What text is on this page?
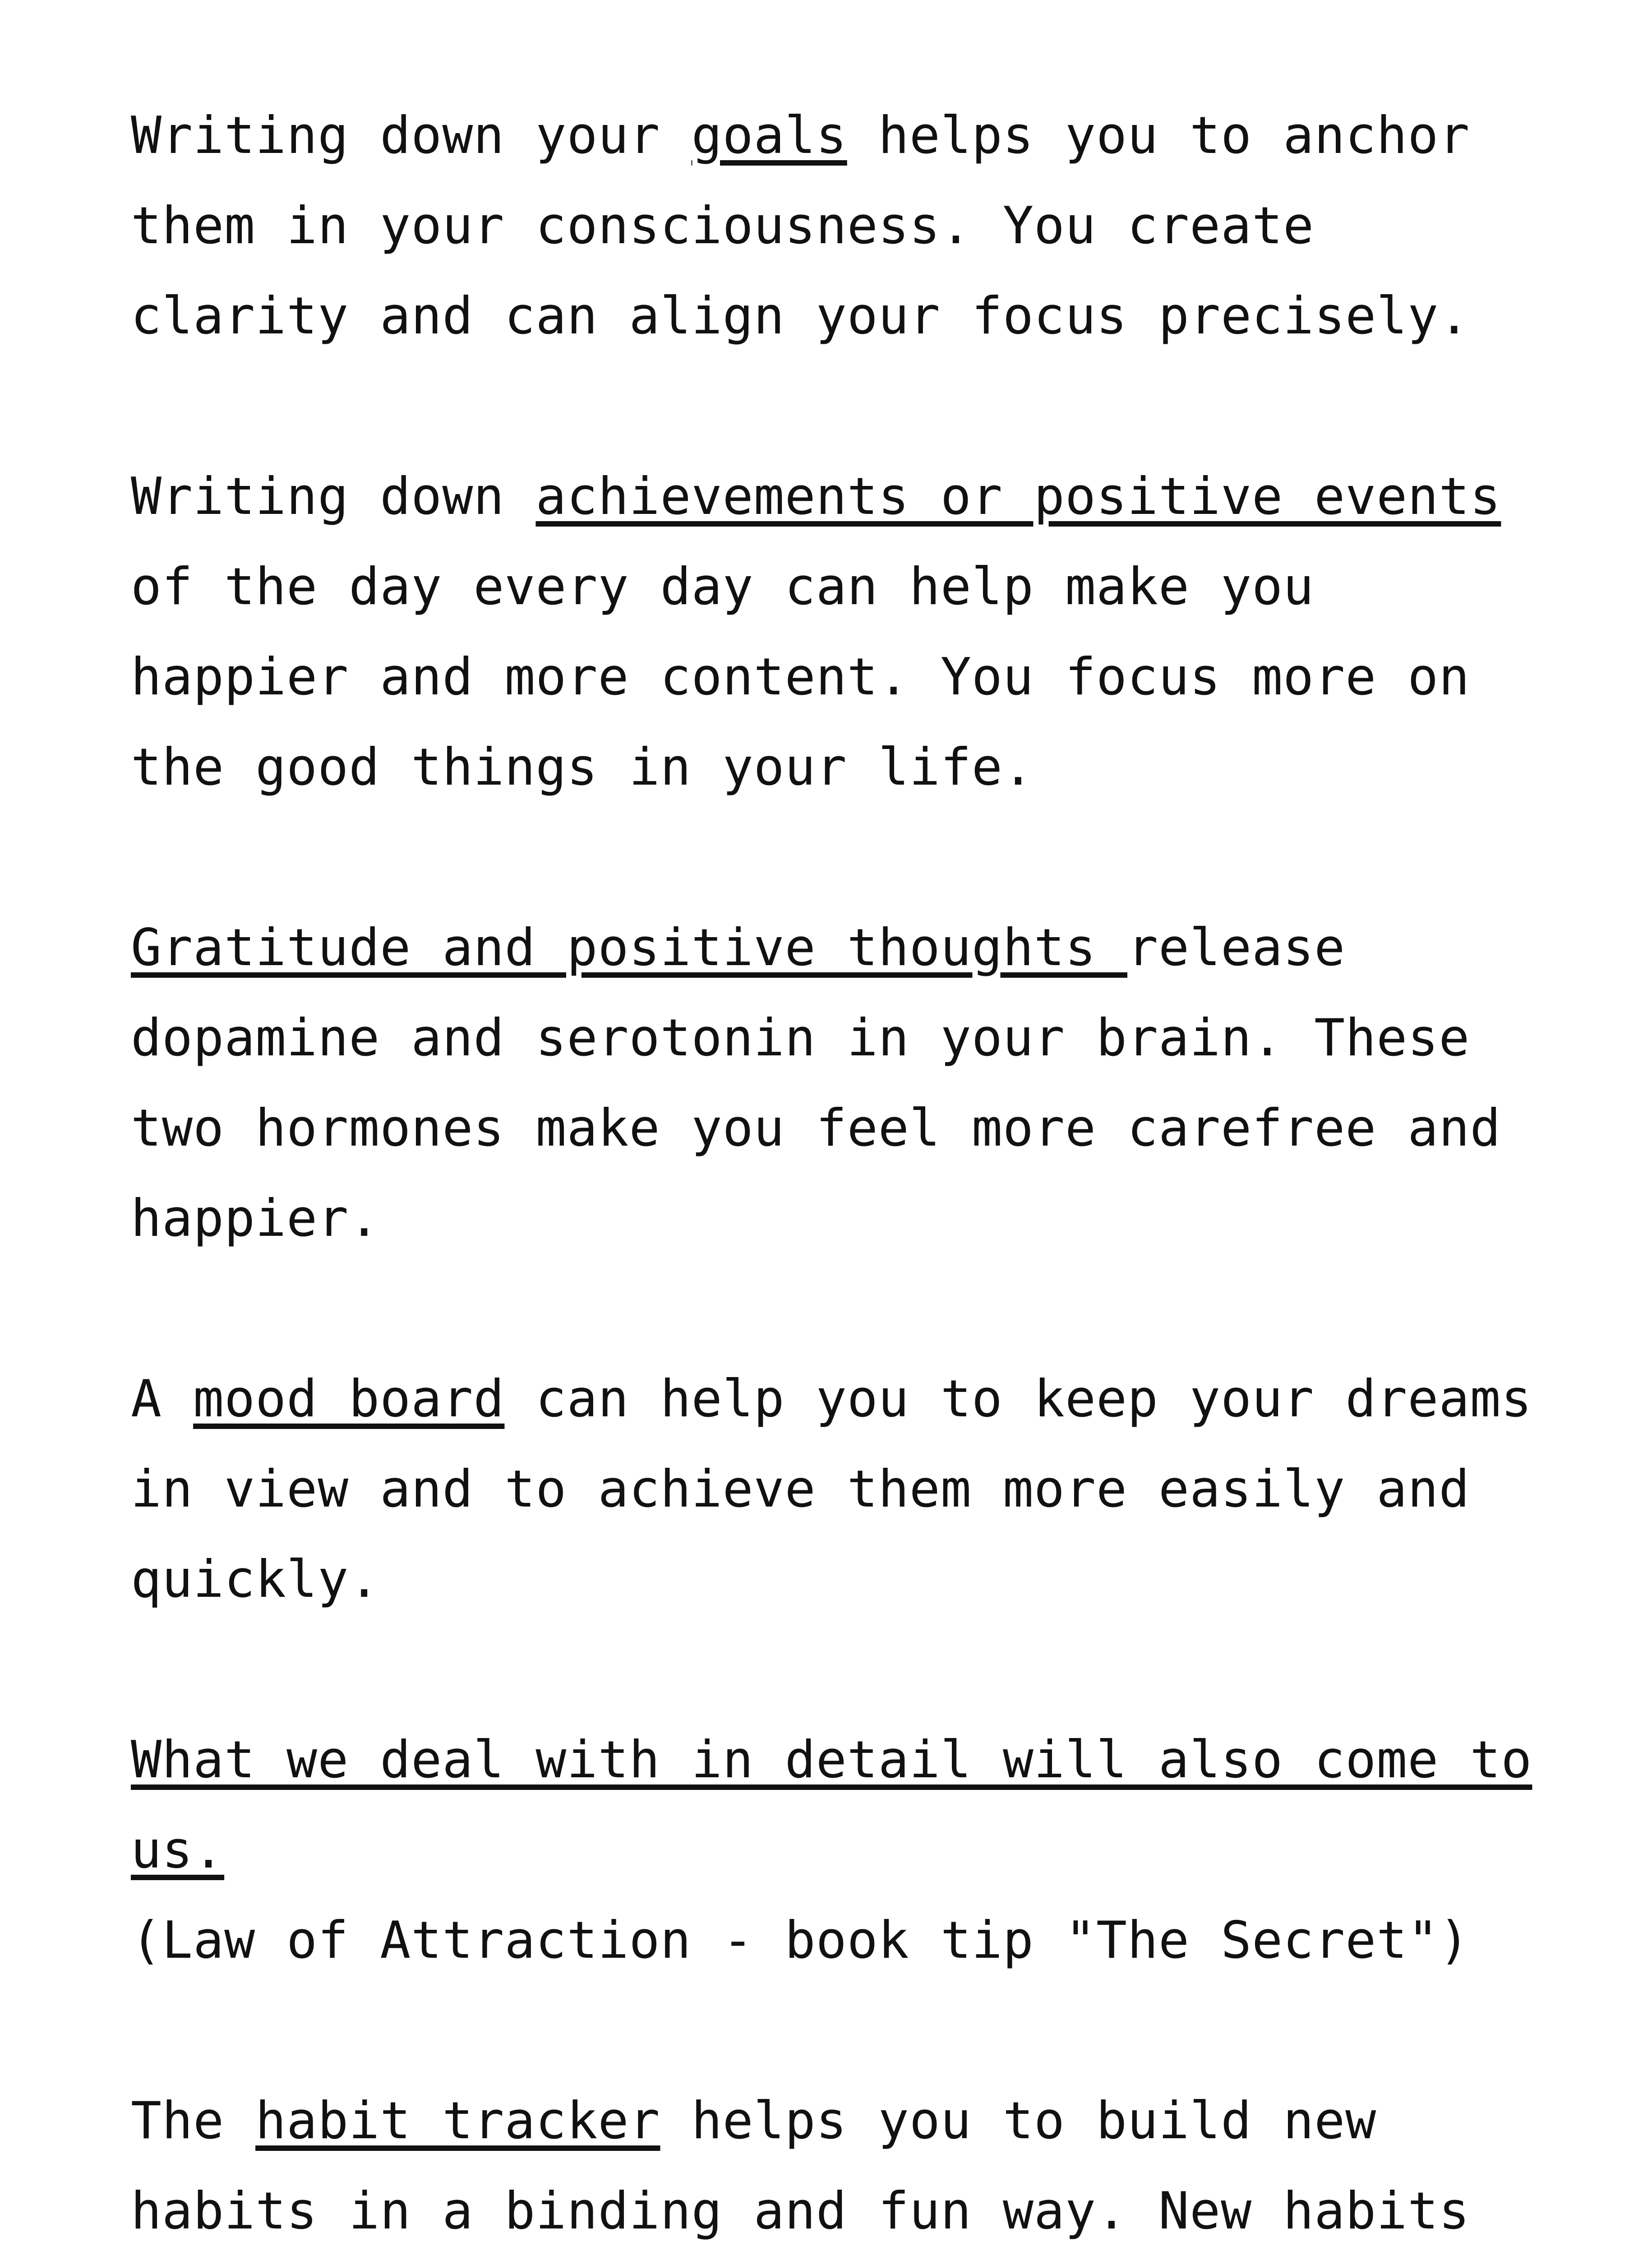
Writing down your goals helps you to anchor them in your consciousness. You create clarity and can align your focus precisely.

Writing down achievements or positive events of the day every day can help make you happier and more content. You focus more on the good things in your life.

Gratitude and positive thoughts release dopamine and serotonin in your brain. These two hormones make you feel more carefree and happier.

A mood board can help you to keep your dreams in view and to achieve them more easily and quickly.

What we deal with in detail will also come to us.
(Law of Attraction - book tip "The Secret")

The habit tracker helps you to build new habits in a binding and fun way. New habits
